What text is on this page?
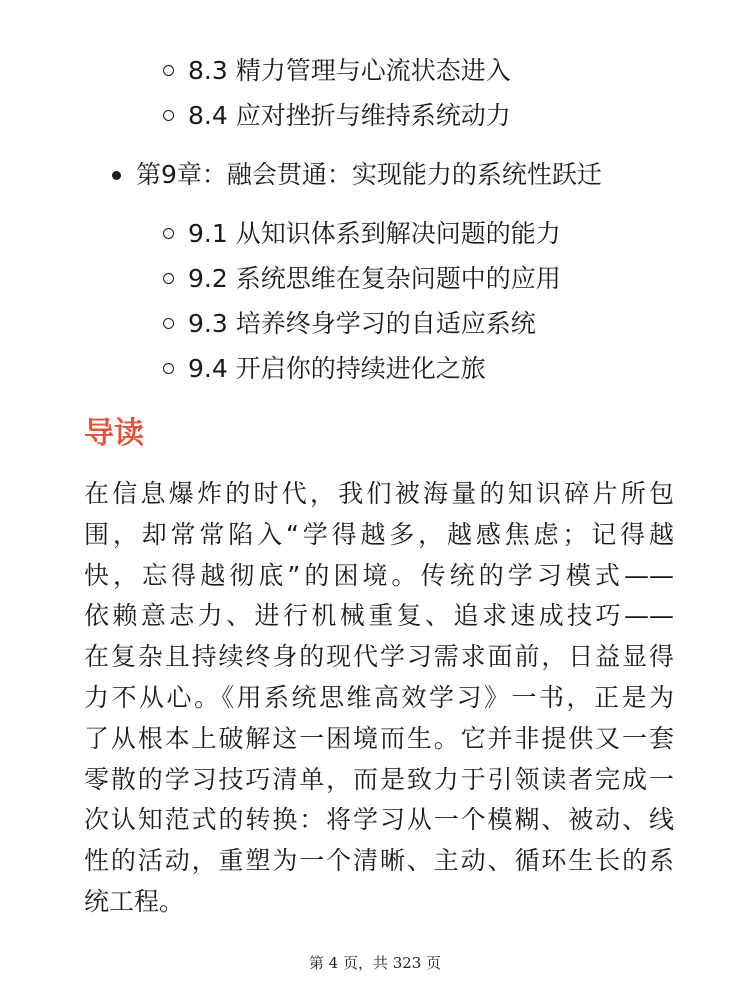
8.3 精力管理与心流状态进入
8.4 应对挫折与维持系统动力
第9章：融会贯通：实现能力的系统性跃迁
9.1 从知识体系到解决问题的能力
9.2 系统思维在复杂问题中的应用
9.3 培养终身学习的自适应系统
9.4 开启你的持续进化之旅
导读
在信息爆炸的时代，我们被海量的知识碎片所包
围，却常常陷入“学得越多，越感焦虑；记得越
快，忘得越彻底”的困境。传统的学习模式——
依赖意志力、进行机械重复、追求速成技巧——
在复杂且持续终身的现代学习需求面前，日益显得
力不从心。《用系统思维高效学习》一书，正是为
了从根本上破解这一困境而生。它并非提供又一套
零散的学习技巧清单，而是致力于引领读者完成一
次认知范式的转换：将学习从一个模糊、被动、线
性的活动，重塑为一个清晰、主动、循环生长的系
统工程。
第 4 页，共 323 页
